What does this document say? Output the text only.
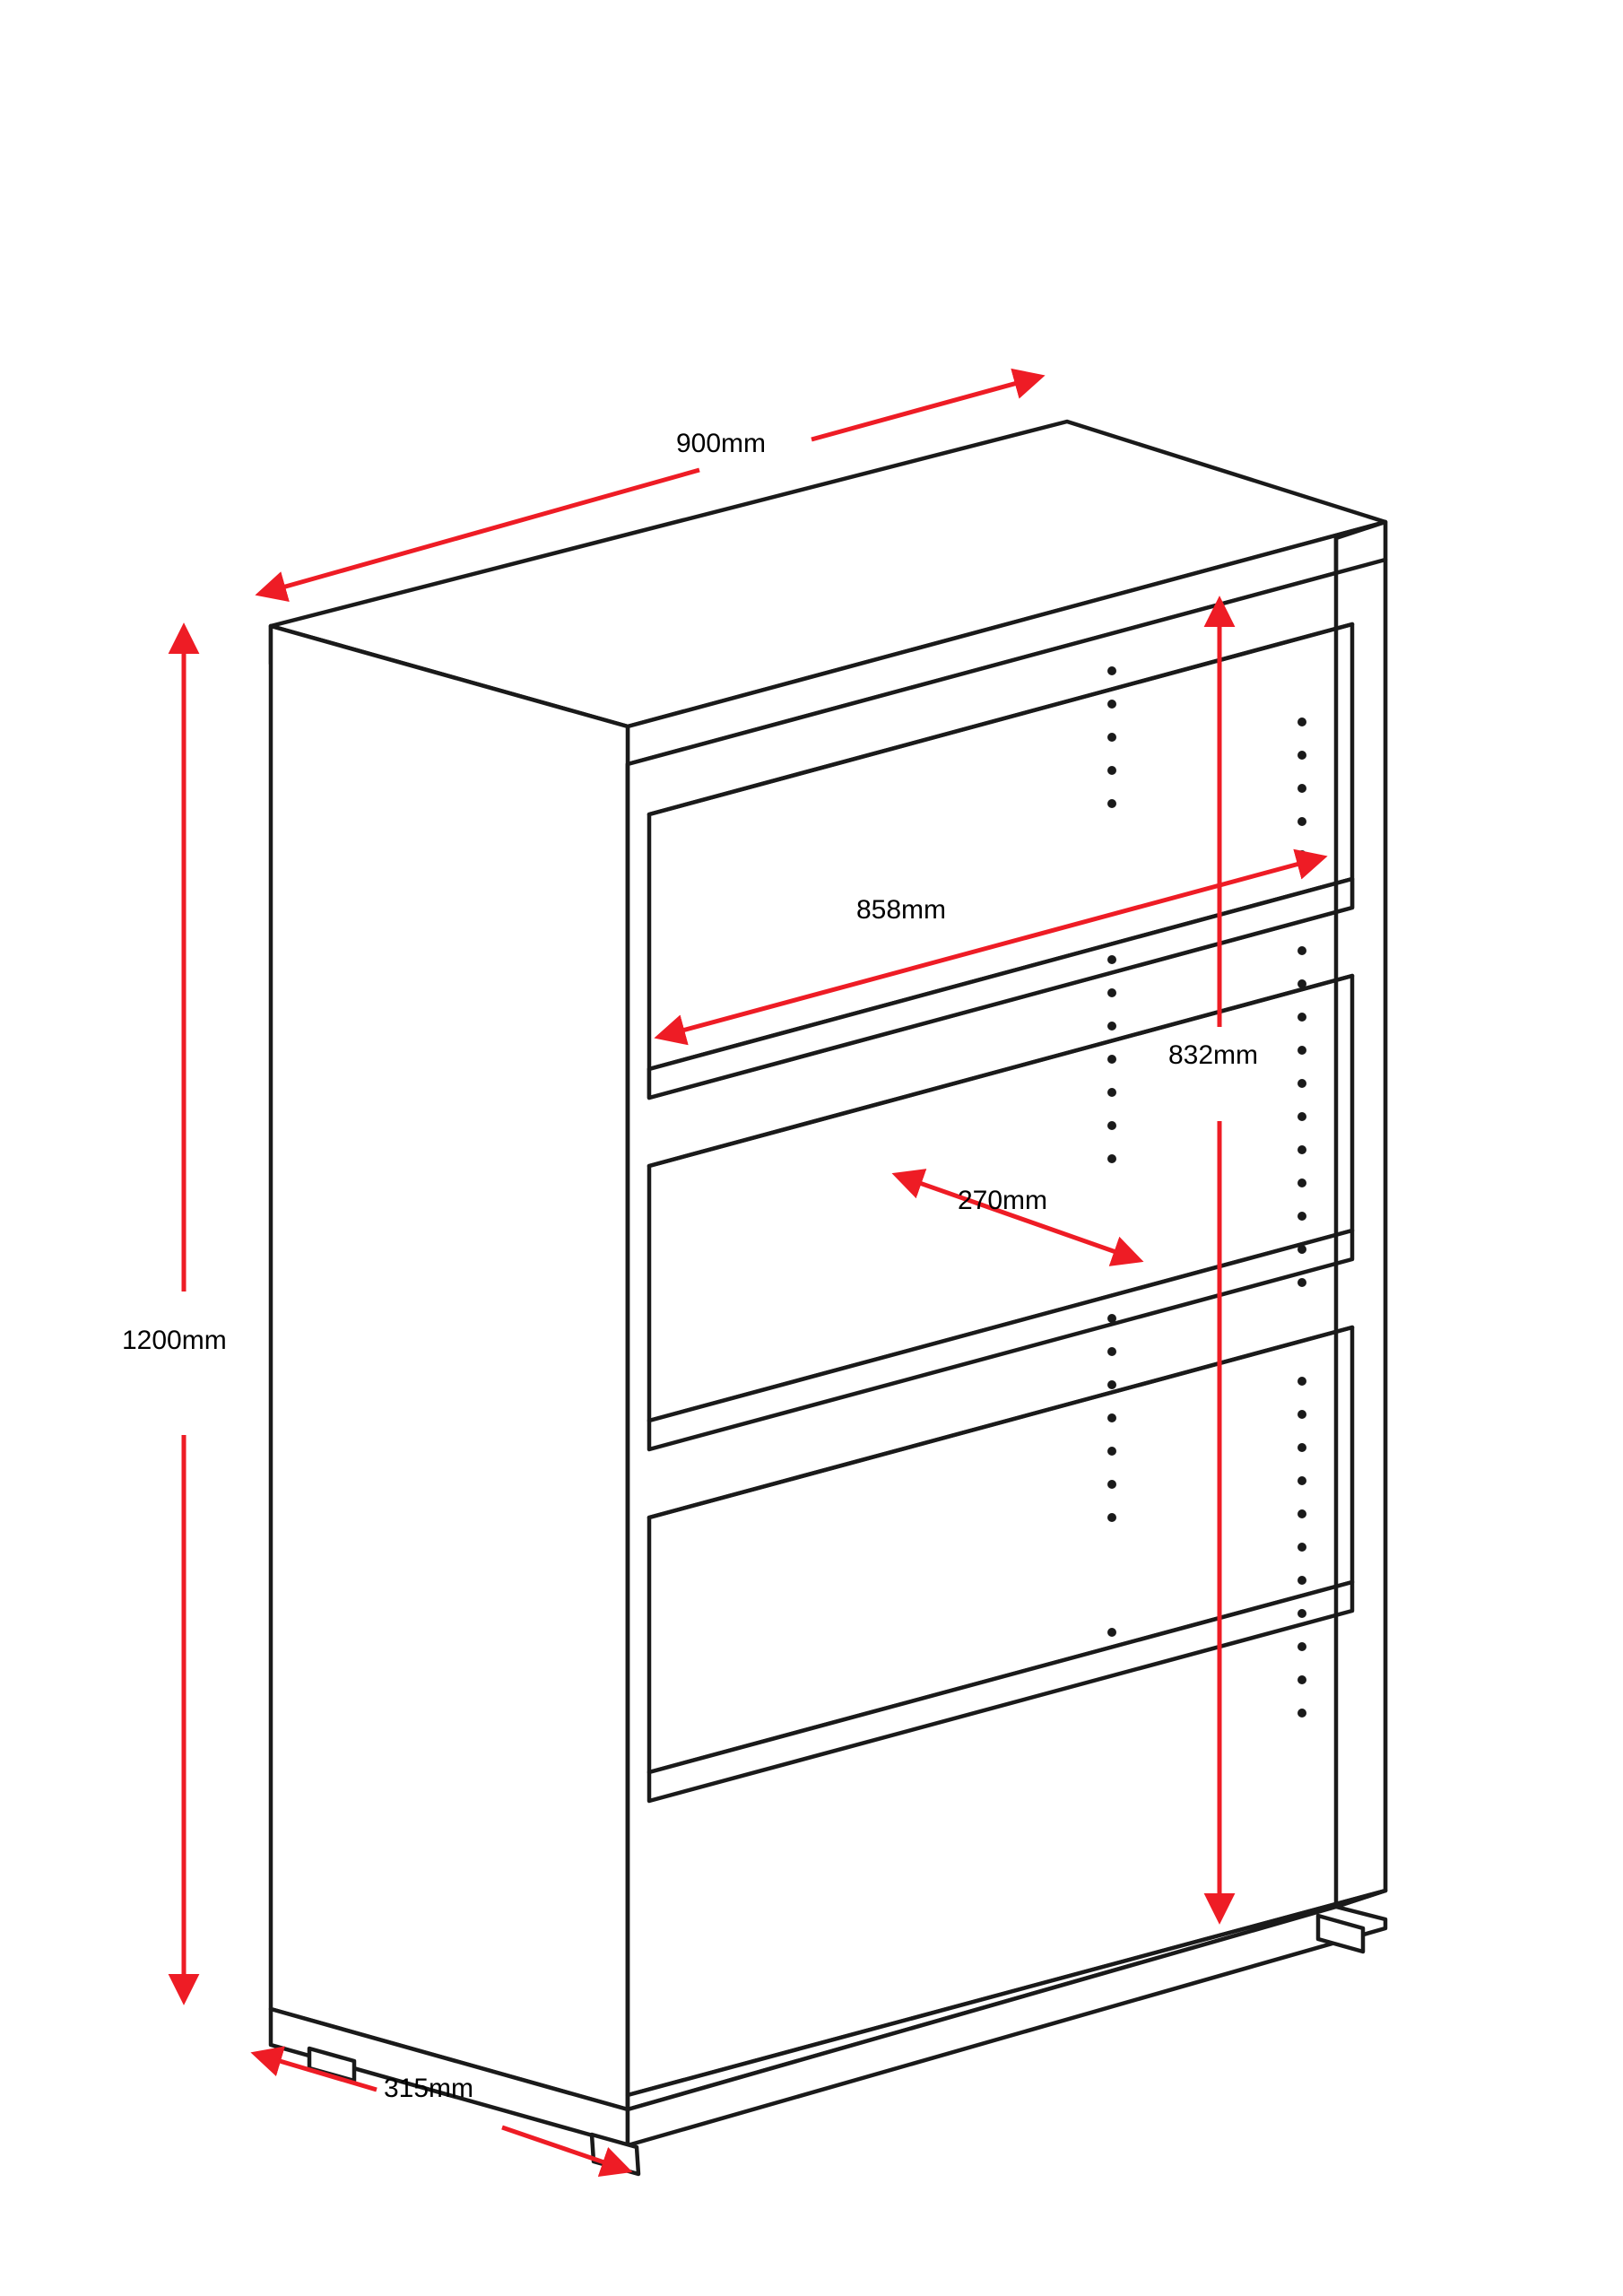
900mm
858mm
270mm
832mm
1200mm
315mm
